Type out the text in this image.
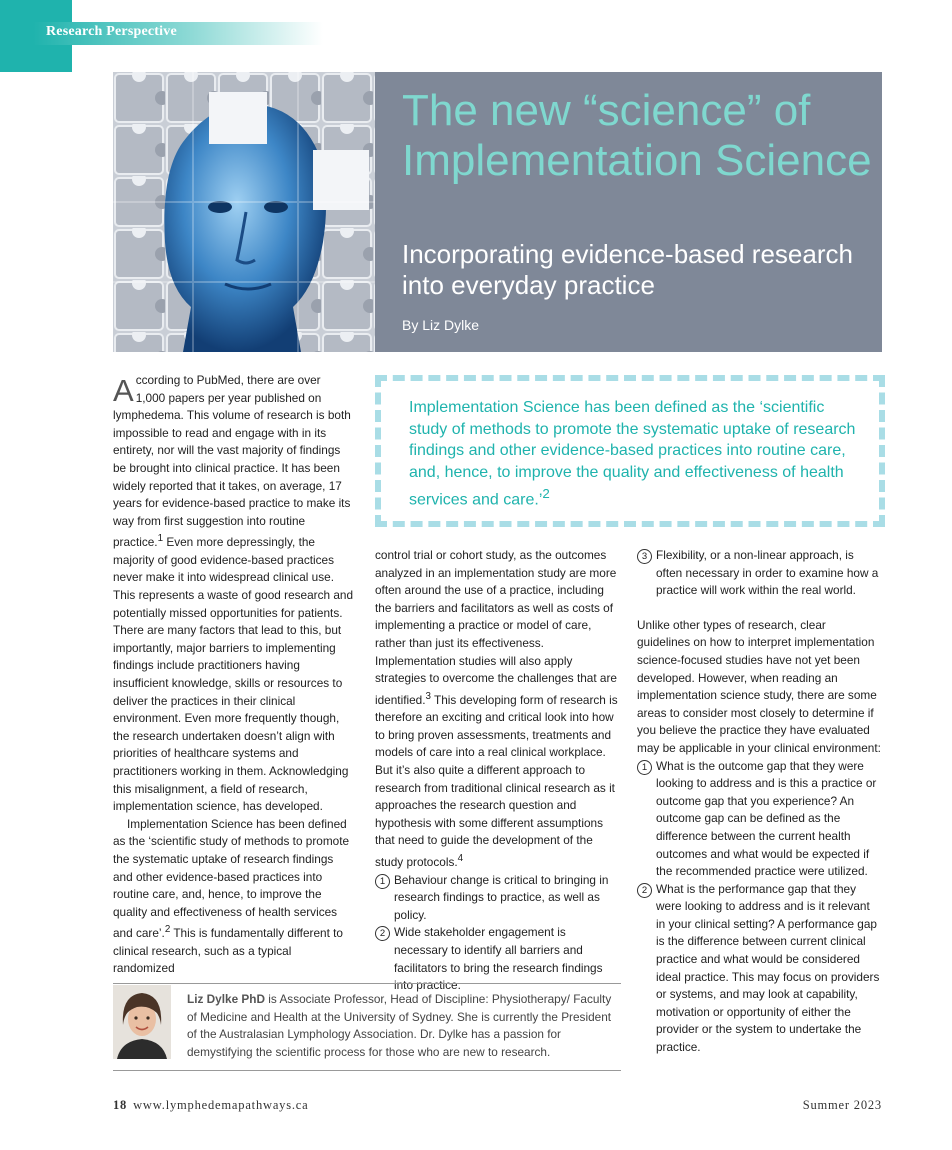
Research Perspective
The new “science” of Implementation Science
Incorporating evidence-based research into everyday practice
By Liz Dylke

According to PubMed, there are over 1,000 papers per year published on lymphedema. This volume of research is both impossible to read and engage with in its entirety, nor will the vast majority of findings be brought into clinical practice. It has been widely reported that it takes, on average, 17 years for evidence-based practice to make its way from first suggestion into routine practice.$^1$ Even more depressingly, the majority of good evidence-based practices never make it into widespread clinical use. This represents a waste of good research and potentially missed opportunities for patients. There are many factors that lead to this, but importantly, major barriers to implementing findings include practitioners having insufficient knowledge, skills or resources to deliver the practices in their clinical environment. Even more frequently though, the research undertaken doesn’t align with priorities of healthcare systems and practitioners working in them. Acknowledging this misalignment, a field of research, implementation science, has developed.

Implementation Science has been defined as the ‘scientific study of methods to promote the systematic uptake of research findings and other evidence-based practices into routine care, and, hence, to improve the quality and effectiveness of health services and care’.$^2$ This is fundamentally different to clinical research, such as a typical randomized

Implementation Science has been defined as the ‘scientific study of methods to promote the systematic uptake of research findings and other evidence-based practices into routine care, and, hence, to improve the quality and effectiveness of health services and care.’$^2$

control trial or cohort study, as the outcomes analyzed in an implementation study are more often around the use of a practice, including the barriers and facilitators as well as costs of implementing a practice or model of care, rather than just its effectiveness. Implementation studies will also apply strategies to overcome the challenges that are identified.$^3$ This developing form of research is therefore an exciting and critical look into how to bring proven assessments, treatments and models of care into a real clinical workplace. But it’s also quite a different approach to research from traditional clinical research as it approaches the research question and hypothesis with some different assumptions that need to guide the development of the study protocols.$^4$

1 Behaviour change is critical to bringing in research findings to practice, as well as policy.
2 Wide stakeholder engagement is necessary to identify all barriers and facilitators to bring the research findings into practice.
3 Flexibility, or a non-linear approach, is often necessary in order to examine how a practice will work within the real world.

Unlike other types of research, clear guidelines on how to interpret implementation science-focused studies have not yet been developed. However, when reading an implementation science study, there are some areas to consider most closely to determine if you believe the practice they have evaluated may be applicable in your clinical environment:

1 What is the outcome gap that they were looking to address and is this a practice or outcome gap that you experience? An outcome gap can be defined as the difference between the current health outcomes and what would be expected if the recommended practice were utilized.
2 What is the performance gap that they were looking to address and is it relevant in your clinical setting? A performance gap is the difference between current clinical practice and what would be considered ideal practice. This may focus on providers or systems, and may look at capability, motivation or opportunity of either the provider or the system to undertake the practice.
Liz Dylke PhD is Associate Professor, Head of Discipline: Physiotherapy/ Faculty of Medicine and Health at the University of Sydney. She is currently the President of the Australasian Lymphology Association. Dr. Dylke has a passion for demystifying the scientific process for those who are new to research.
18 www.lymphedemapathways.ca	Summer 2023
